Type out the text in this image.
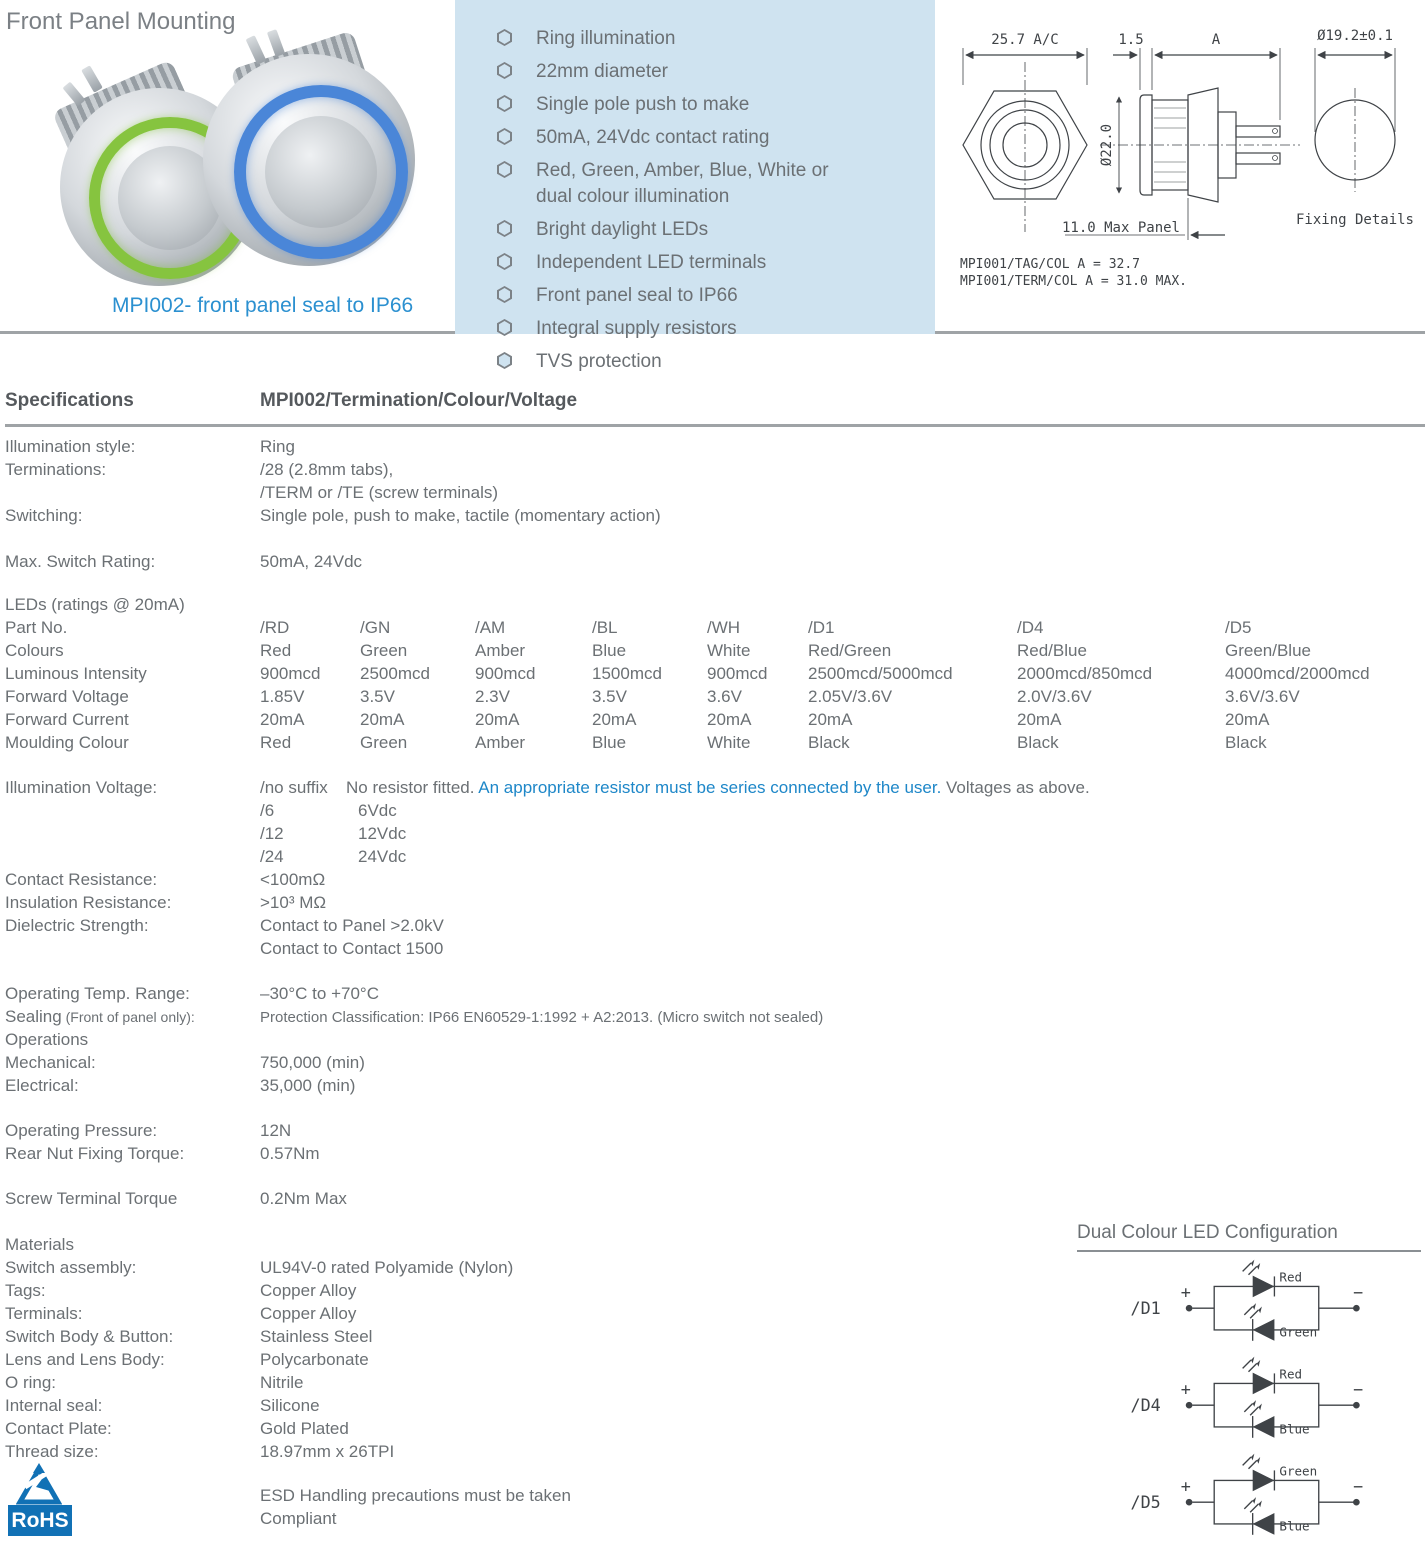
Front Panel Mounting
MPI002- front panel seal to IP66
Ring illumination
22mm diameter
Single pole push to make
50mA, 24Vdc contact rating
Red, Green, Amber, Blue, White or dual colour illumination
Bright daylight LEDs
Independent LED terminals
Front panel seal to IP66
Integral supply resistors
TVS protection
25.7 A/C	1.5	A	Ø19.2±0.1
Ø22.0
11.0 Max Panel	Fixing Details
MPI001/TAG/COL A = 32.7
MPI001/TERM/COL A = 31.0 MAX.
Specifications	MPI002/Termination/Colour/Voltage
Illumination style:	Ring
Terminations:	/28 (2.8mm tabs),
/TERM or /TE (screw terminals)
Switching:	Single pole, push to make, tactile (momentary action)
Max. Switch Rating:	50mA, 24Vdc
LEDs (ratings @ 20mA)
Part No.	/RD	/GN	/AM	/BL	/WH	/D1	/D4	/D5
Colours	Red	Green	Amber	Blue	White	Red/Green	Red/Blue	Green/Blue
Luminous Intensity	900mcd	2500mcd	900mcd	1500mcd	900mcd	2500mcd/5000mcd	2000mcd/850mcd	4000mcd/2000mcd
Forward Voltage	1.85V	3.5V	2.3V	3.5V	3.6V	2.05V/3.6V	2.0V/3.6V	3.6V/3.6V
Forward Current	20mA	20mA	20mA	20mA	20mA	20mA	20mA	20mA
Moulding Colour	Red	Green	Amber	Blue	White	Black	Black	Black
Illumination Voltage:	/no suffix	No resistor fitted. An appropriate resistor must be series connected by the user. Voltages as above.
/6	6Vdc
/12	12Vdc
/24	24Vdc
Contact Resistance:	<100mΩ
Insulation Resistance:	>10³ MΩ
Dielectric Strength:	Contact to Panel >2.0kV
Contact to Contact 1500
Operating Temp. Range:	–30°C to +70°C
Sealing (Front of panel only):	Protection Classification: IP66 EN60529-1:1992 + A2:2013. (Micro switch not sealed)
Operations
Mechanical:	750,000 (min)
Electrical:	35,000 (min)
Operating Pressure:	12N
Rear Nut Fixing Torque:	0.57Nm
Screw Terminal Torque	0.2Nm Max
Materials
Switch assembly:	UL94V-0 rated Polyamide (Nylon)
Tags:	Copper Alloy
Terminals:	Copper Alloy
Switch Body & Button:	Stainless Steel
Lens and Lens Body:	Polycarbonate
O ring:	Nitrile
Internal seal:	Silicone
Contact Plate:	Gold Plated
Thread size:	18.97mm x 26TPI
ESD Handling precautions must be taken
Compliant
RoHS
Dual Colour LED Configuration
/D1
+	−
Red
Green

/D4
+	−
Red
Blue

/D5
+	−
Green
Blue
